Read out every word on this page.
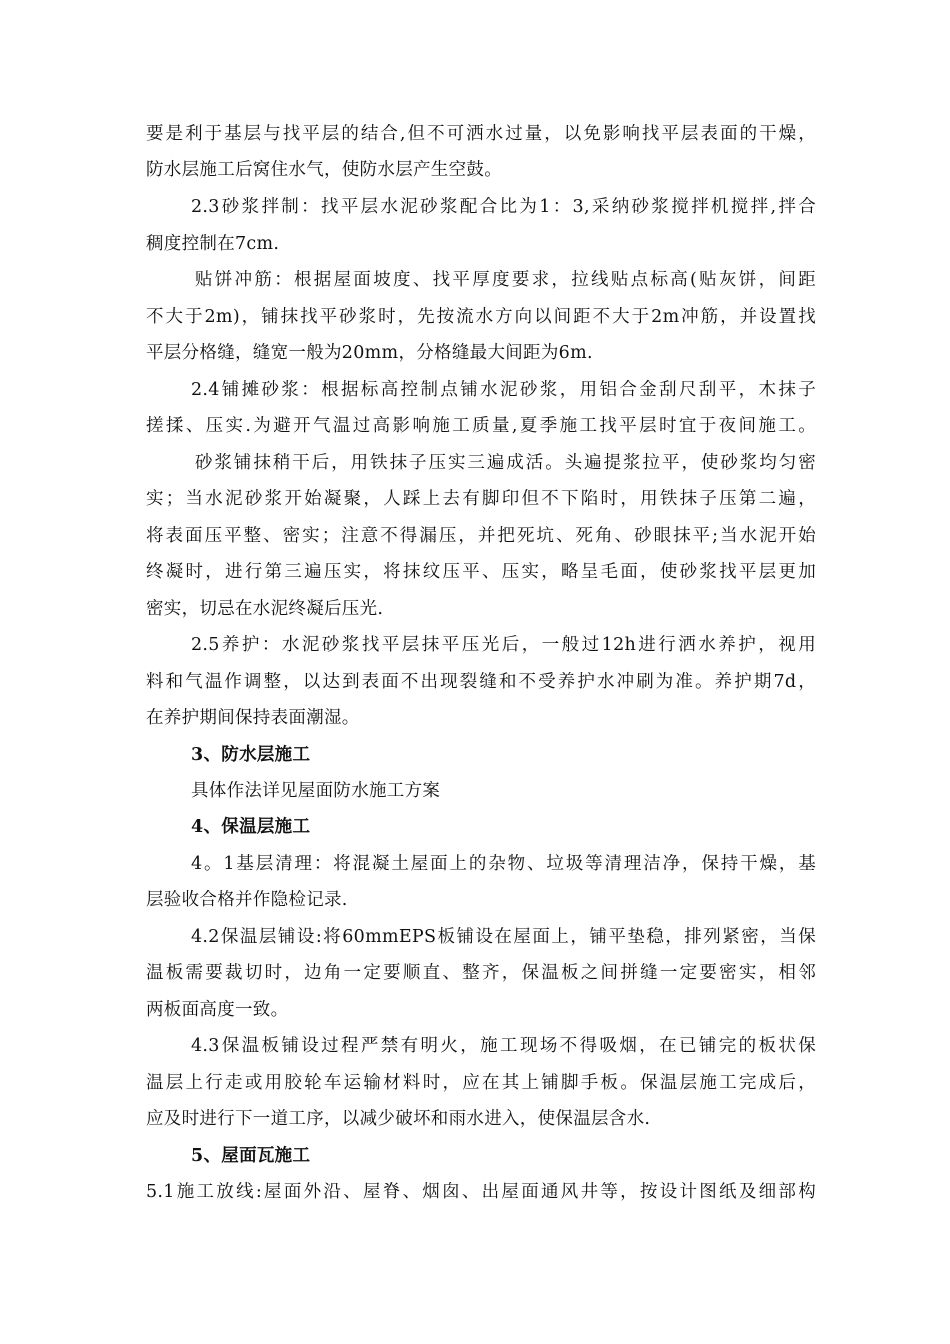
要是利于基层与找平层的结合,但不可洒水过量，以免影响找平层表面的干燥，
防水层施工后窝住水气，使防水层产生空鼓。
2.3砂浆拌制：找平层水泥砂浆配合比为1：3,采纳砂浆搅拌机搅拌,拌合
稠度控制在7cm.
贴饼冲筋：根据屋面坡度、找平厚度要求，拉线贴点标高(贴灰饼，间距
不大于2m)，铺抹找平砂浆时，先按流水方向以间距不大于2m冲筋，并设置找
平层分格缝，缝宽一般为20mm，分格缝最大间距为6m.
2.4铺摊砂浆：根据标高控制点铺水泥砂浆，用铝合金刮尺刮平，木抹子
搓揉、压实.为避开气温过高影响施工质量,夏季施工找平层时宜于夜间施工。
砂浆铺抹稍干后，用铁抹子压实三遍成活。头遍提浆拉平，使砂浆均匀密
实；当水泥砂浆开始凝聚，人踩上去有脚印但不下陷时，用铁抹子压第二遍，
将表面压平整、密实；注意不得漏压，并把死坑、死角、砂眼抹平;当水泥开始
终凝时，进行第三遍压实，将抹纹压平、压实，略呈毛面，使砂浆找平层更加
密实，切忌在水泥终凝后压光.
2.5养护：水泥砂浆找平层抹平压光后，一般过12h进行洒水养护，视用
料和气温作调整，以达到表面不出现裂缝和不受养护水冲刷为准。养护期7d，
在养护期间保持表面潮湿。
3、防水层施工
具体作法详见屋面防水施工方案
4、保温层施工
4。1基层清理：将混凝土屋面上的杂物、垃圾等清理洁净，保持干燥，基
层验收合格并作隐检记录.
4.2保温层铺设:将60mmEPS板铺设在屋面上，铺平垫稳，排列紧密，当保
温板需要裁切时，边角一定要顺直、整齐，保温板之间拼缝一定要密实，相邻
两板面高度一致。
4.3保温板铺设过程严禁有明火，施工现场不得吸烟，在已铺完的板状保
温层上行走或用胶轮车运输材料时，应在其上铺脚手板。保温层施工完成后，
应及时进行下一道工序，以减少破坏和雨水进入，使保温层含水.
5、屋面瓦施工
5.1施工放线:屋面外沿、屋脊、烟囱、出屋面通风井等，按设计图纸及细部构
